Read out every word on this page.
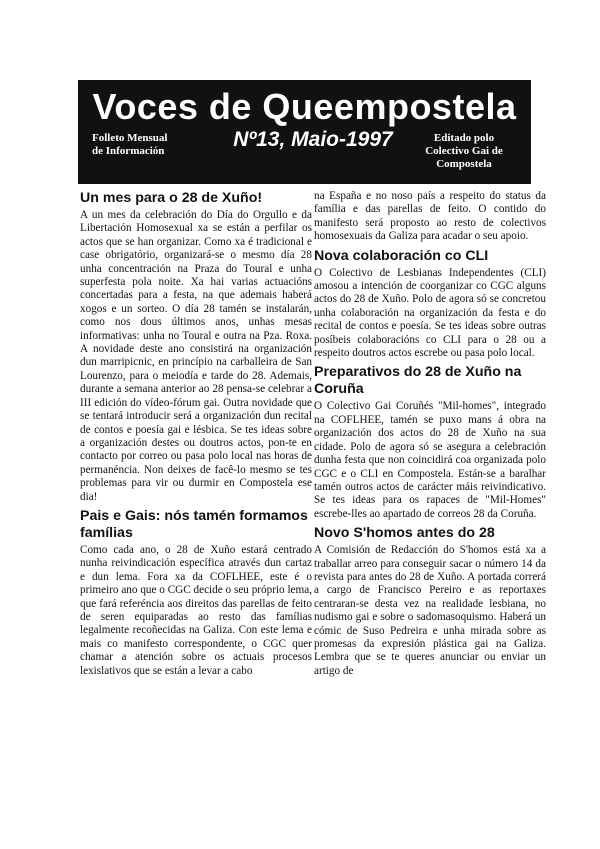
Voces de Queempostela
Folleto Mensual
de Información	Nº13, Maio-1997	Editado polo
Colectivo Gai de
Compostela
Un mes para o 28 de Xuño!

A un mes da celebración do Día do Orgullo e da Libertación Homosexual xa se están a perfilar os actos que se han organizar. Como xa é tradicional e case obrigatório, organizará-se o mesmo día 28 unha concentración na Praza do Toural e unha superfesta pola noite. Xa hai varias actuacións concertadas para a festa, na que ademais haberá xogos e un sorteo. O día 28 tamén se instalarán, como nos dous últimos anos, unhas mesas informativas: unha no Toural e outra na Pza. Roxa. A novidade deste ano consistirá na organización dun marripicnic, en princípio na carballeira de San Lourenzo, para o meiodía e tarde do 28. Ademais, durante a semana anterior ao 28 pensa-se celebrar a III edición do vídeo-fórum gai. Outra novidade que se tentará introducir será a organización dun recital de contos e poesía gai e lésbica. Se tes ideas sobre a organización destes ou doutros actos, pon-te en contacto por correo ou pasa polo local nas horas de permanéncia. Non deixes de facê-lo mesmo se tes problemas para vir ou durmir en Compostela ese dia!

Pais e Gais: nós tamén formamos famílias

Como cada ano, o 28 de Xuño estará centrado nunha reivindicación específica através dun cartaz e dun lema. Fora xa da COFLHEE, este é o primeiro ano que o CGC decide o seu próprio lema, que fará referéncia aos direitos das parellas de feito de seren equiparadas ao resto das famílias legalmente recoñecidas na Galiza. Con este lema e mais co manifesto correspondente, o CGC quer chamar a atención sobre os actuais procesos lexislativos que se están a levar a cabo

na España e no noso país a respeito do status da família e das parellas de feito. O contido do manifesto será proposto ao resto de colectivos homosexuais da Galiza para acadar o seu apoio.

Nova colaboración co CLI

O Colectivo de Lesbianas Independentes (CLI) amosou a intención de coorganizar co CGC alguns actos do 28 de Xuño. Polo de agora só se concretou unha colaboración na organización da festa e do recital de contos e poesía. Se tes ideas sobre outras posíbeis colaboracións co CLI para o 28 ou a respeito doutros actos escrebe ou pasa polo local.

Preparativos do 28 de Xuño na Coruña

O Colectivo Gai Coruñés "Mil-homes", integrado na COFLHEE, tamén se puxo mans á obra na organización dos actos do 28 de Xuño na sua cidade. Polo de agora só se asegura a celebración dunha festa que non coincidirá coa organizada polo CGC e o CLI en Compostela. Están-se a baralhar tamén outros actos de carácter máis reivindicativo. Se tes ideas para os rapaces de "Mil-Homes" escrebe-lles ao apartado de correos 28 da Coruña.

Novo S'homos antes do 28

A Comisión de Redacción do S'homos está xa a traballar arreo para conseguir sacar o número 14 da revista para antes do 28 de Xuño. A portada correrá a cargo de Francisco Pereiro e as reportaxes centraran-se desta vez na realidade lesbiana, no nudismo gai e sobre o sadomasoquismo. Haberá un cómic de Suso Pedreira e unha mirada sobre as promesas da expresión plástica gai na Galiza. Lembra que se te queres anunciar ou enviar un artigo de
